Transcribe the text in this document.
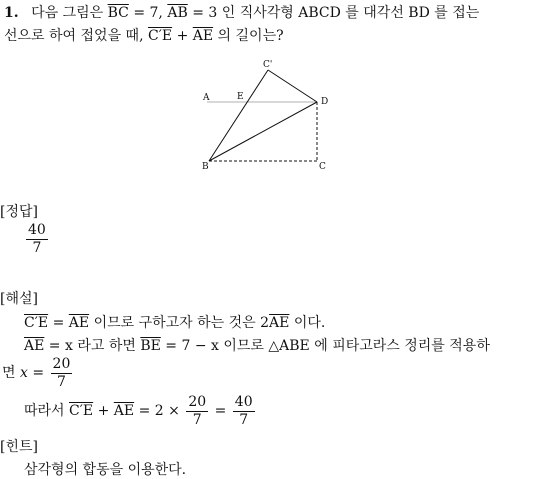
1. 다음 그림은 $\overline{BC} = 7$, $\overline{AB} = 3$ 인 직사각형 ABCD 를 대각선 BD 를 접는
선으로 하여 접었을 때, $C'E + \overline{AE}$ 의 길이는?
C'
A	E	D
B	C
[정답]
$\frac{40}{7}$
[해설]
$C'E = \overline{AE}$ 이므로 구하고자 하는 것은 $2\overline{AE}$ 이다.
$\overline{AE} = x$ 라고 하면 $\overline{BE} = 7 - x$ 이므로 △ABE 에 피타고라스 정리를 적용하
면 $x = \frac{20}{7}$
따라서 $C'E + \overline{AE} = 2 \times \frac{20}{7} = \frac{40}{7}$
[힌트]
삼각형의 합동을 이용한다.
